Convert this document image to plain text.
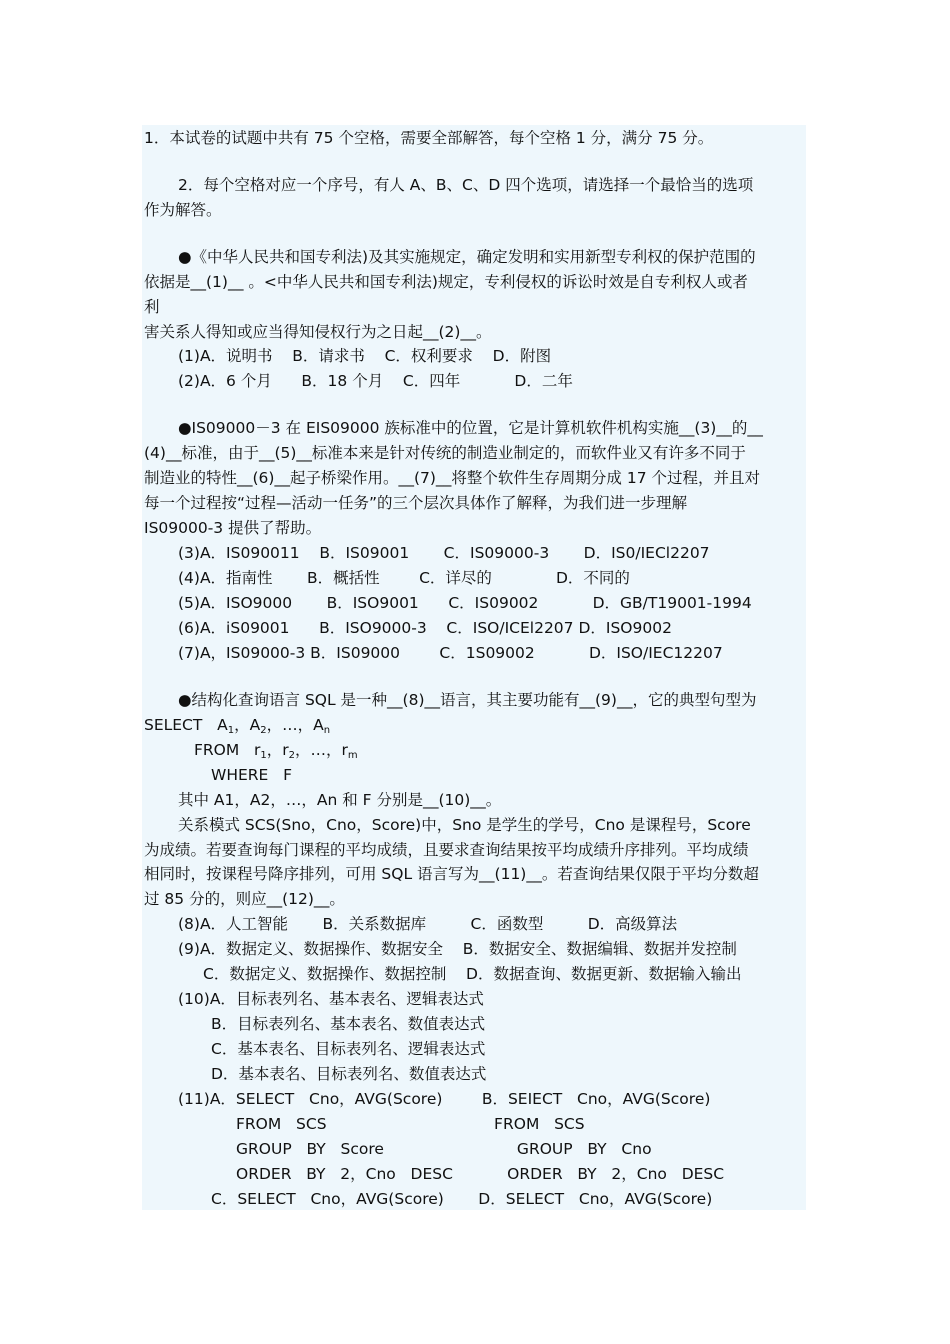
1．本试卷的试题中共有 75 个空格，需要全部解答，每个空格 1 分，满分 75 分。
2．每个空格对应一个序号，有人 A、B、C、D 四个选项，请选择一个最恰当的选项
作为解答。
●《中华人民共和国专利法)及其实施规定，确定发明和实用新型专利权的保护范围的
依据是__(1)__ 。<中华人民共和国专利法)规定，专利侵权的诉讼时效是自专利权人或者
利
害关系人得知或应当得知侵权行为之日起__(2)__。
(1)A．说明书    B．请求书    C．权利要求    D．附图
(2)A．6 个月      B．18 个月    C．四年           D．二年
●IS09000－3 在 EIS09000 族标准中的位置，它是计算机软件机构实施__(3)__的__
(4)__标准，由于__(5)__标准本来是针对传统的制造业制定的，而软件业又有许多不同于
制造业的特性__(6)__起子桥梁作用。__(7)__将整个软件生存周期分成 17 个过程，并且对
每一个过程按“过程—活动一任务”的三个层次具体作了解释，为我们进一步理解
IS09000-3 提供了帮助。
(3)A．IS090011    B．IS09001       C．IS09000-3       D．IS0/IECl2207
(4)A．指南性       B．概括性        C．详尽的             D．不同的
(5)A．ISO9000       B．ISO9001      C．IS09002           D．GB/T19001-1994
(6)A．iS09001      B．ISO9000-3    C．ISO/ICEl2207 D．ISO9002
(7)A，IS09000-3 B．IS09000        C．1S09002           D．ISO/IEC12207
●结构化查询语言 SQL 是一种__(8)__语言，其主要功能有__(9)__，它的典型句型为
SELECT   $A_1$，$A_2$，…，$A_n$
FROM   $r_1$，$r_2$，…，$r_m$
WHERE   F
其中 A1，A2，…，An 和 F 分别是__(10)__。
关系模式 SCS(Sno，Cno，Score)中，Sno 是学生的学号，Cno 是课程号，Score
为成绩。若要查询每门课程的平均成绩，且要求查询结果按平均成绩升序排列。平均成绩
相同时，按课程号降序排列，可用 SQL 语言写为__(11)__。若查询结果仅限于平均分数超
过 85 分的，则应__(12)__。
(8)A．人工智能       B．关系数据库         C．函数型         D．高级算法
(9)A．数据定义、数据操作、数据安全    B．数据安全、数据编辑、数据并发控制
C．数据定义、数据操作、数据控制    D．数据查询、数据更新、数据输入输出
(10)A．目标表列名、基本表名、逻辑表达式
B．目标表列名、基本表名、数值表达式
C．基本表名、目标表列名、逻辑表达式
D．基本表名、目标表列名、数值表达式
(11)A．SELECT   Cno，AVG(Score)        B．SEIECT   Cno，AVG(Score)
FROM   SCS                                  FROM   SCS
GROUP   BY   Score                           GROUP   BY   Cno
ORDER   BY   2，Cno   DESC           ORDER   BY   2，Cno   DESC
C．SELECT   Cno，AVG(Score)       D．SELECT   Cno，AVG(Score)
